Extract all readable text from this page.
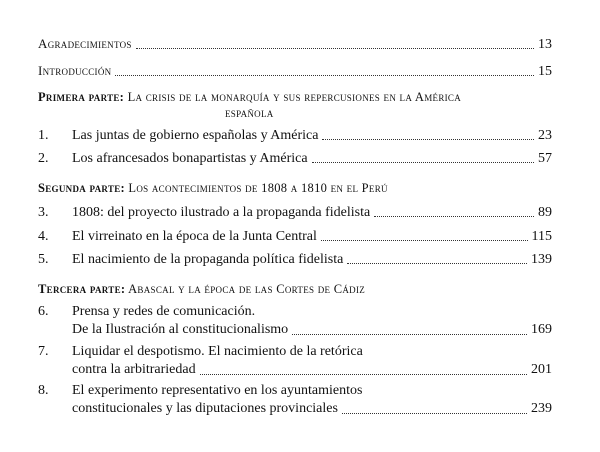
Agradecimientos	13
Introducción	15
Primera parte: La crisis de la monarquía y sus repercusiones en la América
española
1.	Las juntas de gobierno españolas y América	23
2.	Los afrancesados bonapartistas y América	57
Segunda parte: Los acontecimientos de 1808 a 1810 en el Perú
3.	1808: del proyecto ilustrado a la propaganda fidelista	89
4.	El virreinato en la época de la Junta Central	115
5.	El nacimiento de la propaganda política fidelista	139
Tercera parte: Abascal y la época de las Cortes de Cádiz
6.	Prensa y redes de comunicación.
De la Ilustración al constitucionalismo	169
7.	Liquidar el despotismo. El nacimiento de la retórica
contra la arbitrariedad	201
8.	El experimento representativo en los ayuntamientos
constitucionales y las diputaciones provinciales	239
